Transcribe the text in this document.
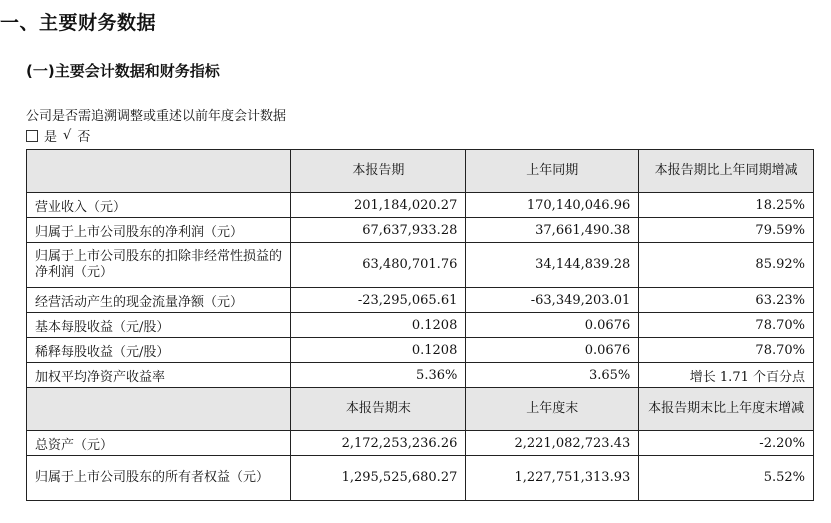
一、主要财务数据
(一)主要会计数据和财务指标
公司是否需追溯调整或重述以前年度会计数据
是 √ 否
	本报告期	上年同期	本报告期比上年同期增减
营业收入（元）	201,184,020.27	170,140,046.96	18.25%
归属于上市公司股东的净利润（元）	67,637,933.28	37,661,490.38	79.59%
归属于上市公司股东的扣除非经常性损益的净利润（元）	63,480,701.76	34,144,839.28	85.92%
经营活动产生的现金流量净额（元）	-23,295,065.61	-63,349,203.01	63.23%
基本每股收益（元/股）	0.1208	0.0676	78.70%
稀释每股收益（元/股）	0.1208	0.0676	78.70%
加权平均净资产收益率	5.36%	3.65%	增长 1.71 个百分点
	本报告期末	上年度末	本报告期末比上年度末增减
总资产（元）	2,172,253,236.26	2,221,082,723.43	-2.20%
归属于上市公司股东的所有者权益（元）	1,295,525,680.27	1,227,751,313.93	5.52%
